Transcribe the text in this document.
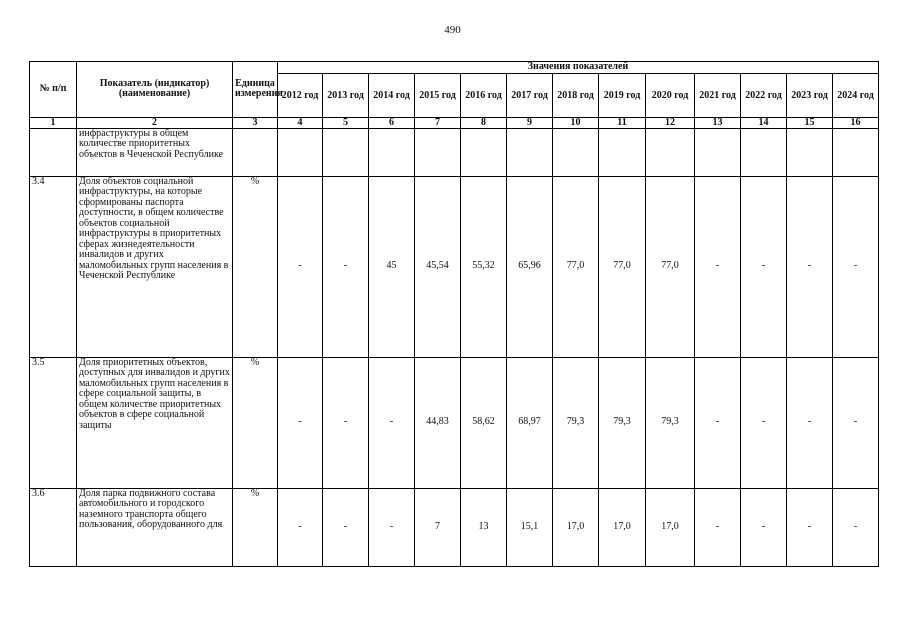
490
№ п/п	Показатель (индикатор) (наименование)	Единица измерения	Значения показателей												
			2012 год	2013 год	2014 год	2015 год	2016 год	2017 год	2018 год	2019 год	2020 год	2021 год	2022 год	2023 год	2024 год
1	2	3	4	5	6	7	8	9	10	11	12	13	14	15	16
	инфраструктуры в общем количестве приоритетных объектов в Чеченской Республике														
3.4	Доля объектов социальной инфраструктуры, на которые сформированы паспорта доступности, в общем количестве объектов социальной инфраструктуры в приоритетных сферах жизнедеятельности инвалидов и других маломобильных групп населения в Чеченской Республике	%	-	-	45	45,54	55,32	65,96	77,0	77,0	77,0	-	-	-	-
3.5	Доля приоритетных объектов, доступных для инвалидов и других маломобильных групп населения в сфере социальной защиты, в общем количестве приоритетных объектов в сфере социальной защиты	%	-	-	-	44,83	58,62	68,97	79,3	79,3	79,3	-	-	-	-
3.6	Доля парка подвижного состава автомобильного и городского наземного транспорта общего пользования, оборудованного для	%	-	-	-	7	13	15,1	17,0	17,0	17,0	-	-	-	-
